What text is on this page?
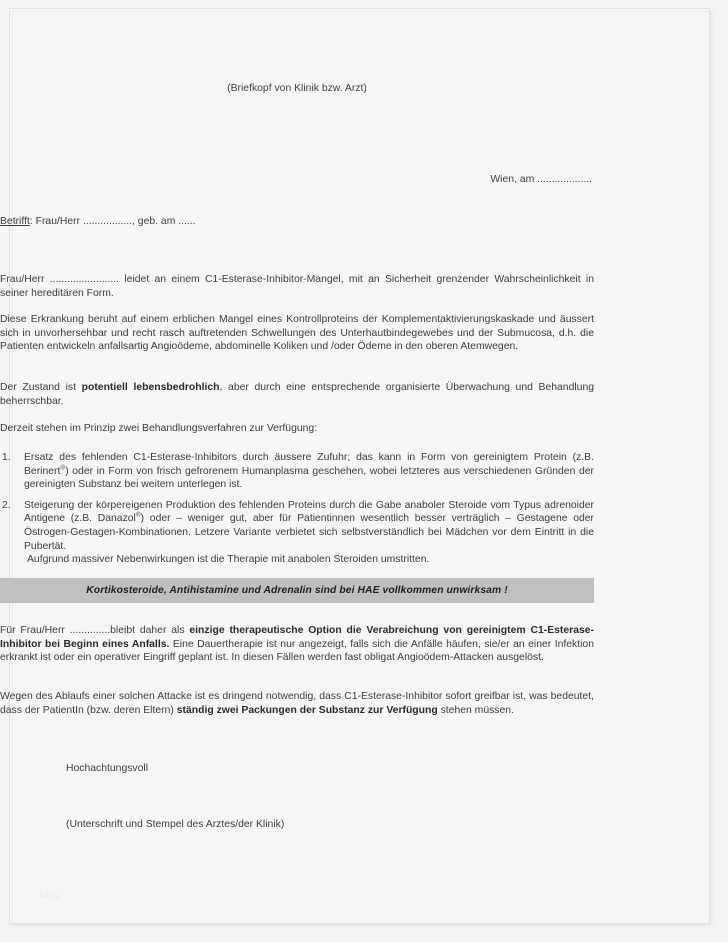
(Briefkopf von Klinik bzw. Arzt)
Wien, am ...................
Betrifft: Frau/Herr ................., geb. am ......
Frau/Herr ........................ leidet an einem C1-Esterase-Inhibitor-Mangel, mit an Sicherheit grenzender Wahrscheinlichkeit in seiner hereditären Form.
Diese Erkrankung beruht auf einem erblichen Mangel eines Kontrollproteins der Komplementaktivierungskaskade und äussert sich in unvorhersehbar und recht rasch auftretenden Schwellungen des Unterhautbindegewebes und der Submucosa, d.h. die Patienten entwickeln anfallsartig Angioödeme, abdominelle Koliken und /oder Ödeme in den oberen Atemwegen.
Der Zustand ist potentiell lebensbedrohlich, aber durch eine entsprechende organisierte Überwachung und Behandlung beherrschbar.
Derzeit stehen im Prinzip zwei Behandlungsverfahren zur Verfügung:
1.	Ersatz des fehlenden C1-Esterase-Inhibitors durch äussere Zufuhr; das kann in Form von gereinigtem Protein (z.B. Berinert®) oder in Form von frisch gefrorenem Humanplasma geschehen, wobei letzteres aus verschiedenen Gründen der gereinigten Substanz bei weitem unterlegen ist.
2.	Steigerung der körpereigenen Produktion des fehlenden Proteins durch die Gabe anaboler Steroide vom Typus adrenoider Antigene (z.B. Danazol®) oder – weniger gut, aber für Patientinnen wesentlich besser verträglich – Gestagene oder Östrogen-Gestagen-Kombinationen. Letzere Variante verbietet sich selbstverständlich bei Mädchen vor dem Eintritt in die Pubertät.
Aufgrund massiver Nebenwirkungen ist die Therapie mit anabolen Steroiden umstritten.
Kortikosteroide, Antihistamine und Adrenalin sind bei HAE vollkommen unwirksam !
Für Frau/Herr ..............bleibt daher als einzige therapeutische Option die Verabreichung von gereinigtem C1-Esterase-Inhibitor bei Beginn eines Anfalls. Eine Dauertherapie ist nur angezeigt, falls sich die Anfälle häufen, sie/er an einer Infektion erkrankt ist oder ein operativer Eingriff geplant ist. In diesen Fällen werden fast obligat Angioödem-Attacken ausgelöst.
Wegen des Ablaufs einer solchen Attacke ist es dringend notwendig, dass C1-Esterase-Inhibitor sofort greifbar ist, was bedeutet, dass der PatientIn (bzw. deren Eltern) ständig zwei Packungen der Substanz zur Verfügung stehen müssen.
Hochachtungsvoll
(Unterschrift und Stempel des Arztes/der Klinik)
blog
